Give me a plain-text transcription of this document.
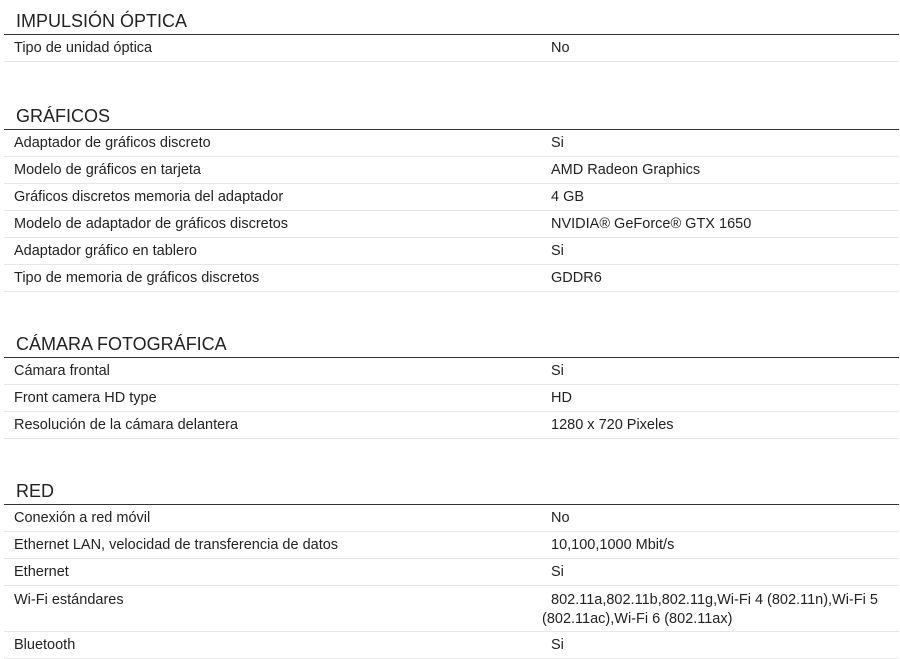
IMPULSIÓN ÓPTICA
Tipo de unidad óptica	No
GRÁFICOS
Adaptador de gráficos discreto	Si
Modelo de gráficos en tarjeta	AMD Radeon Graphics
Gráficos discretos memoria del adaptador	4 GB
Modelo de adaptador de gráficos discretos	NVIDIA® GeForce® GTX 1650
Adaptador gráfico en tablero	Si
Tipo de memoria de gráficos discretos	GDDR6
CÁMARA FOTOGRÁFICA
Cámara frontal	Si
Front camera HD type	HD
Resolución de la cámara delantera	1280 x 720 Pixeles
RED
Conexión a red móvil	No
Ethernet LAN, velocidad de transferencia de datos	10,100,1000 Mbit/s
Ethernet	Si
Wi-Fi estándares	802.11a,802.11b,802.11g,Wi-Fi 4 (802.11n),Wi-Fi 5 (802.11ac),Wi-Fi 6 (802.11ax)
Bluetooth	Si
